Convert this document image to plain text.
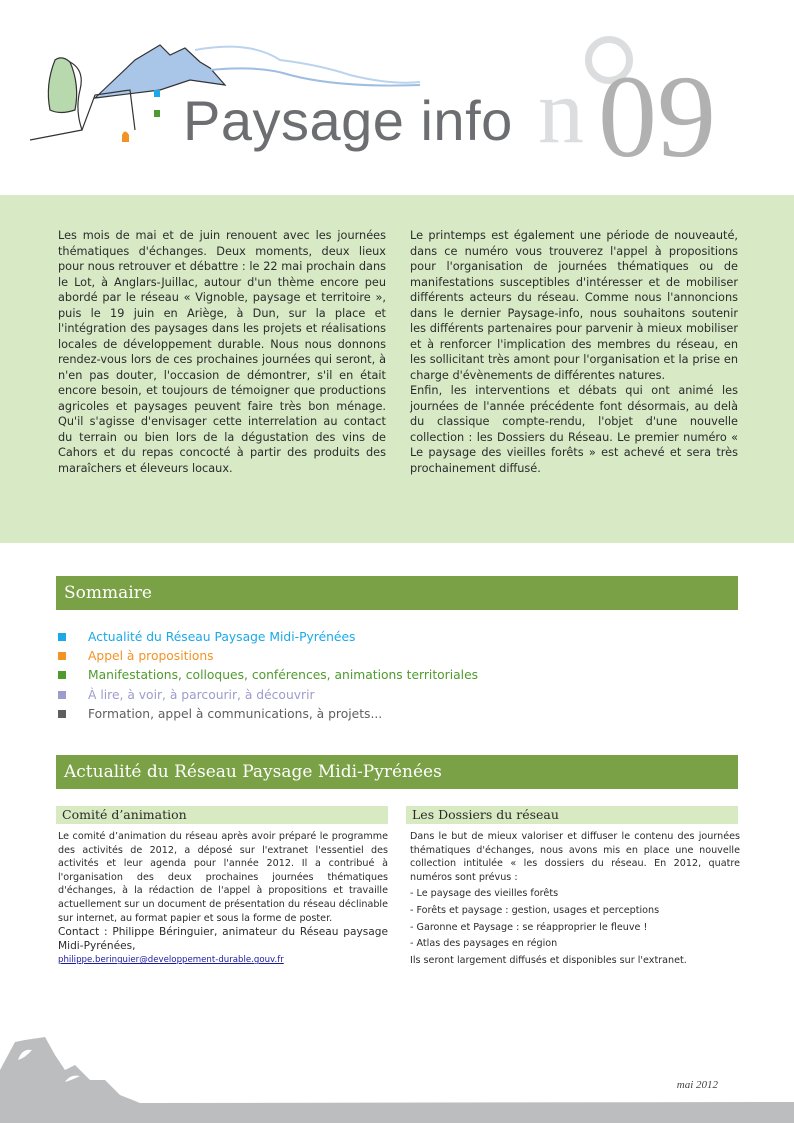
Paysage info n 09

Les mois de mai et de juin renouent avec les journées thématiques d'échanges. Deux moments, deux lieux pour nous retrouver et débattre : le 22 mai prochain dans le Lot, à Anglars-Juillac, autour d'un thème encore peu abordé par le réseau « Vignoble, paysage et territoire », puis le 19 juin en Ariège, à Dun, sur la place et l'intégration des paysages dans les projets et réalisations locales de développement durable. Nous nous donnons rendez-vous lors de ces prochaines journées qui seront, à n'en pas douter, l'occasion de démontrer, s'il en était encore besoin, et toujours de témoigner que productions agricoles et paysages peuvent faire très bon ménage. Qu'il s'agisse d'envisager cette interrelation au contact du terrain ou bien lors de la dégustation des vins de Cahors et du repas concocté à partir des produits des maraîchers et éleveurs locaux.

Le printemps est également une période de nouveauté, dans ce numéro vous trouverez l'appel à propositions pour l'organisation de journées thématiques ou de manifestations susceptibles d'intéresser et de mobiliser différents acteurs du réseau. Comme nous l'annoncions dans le dernier Paysage-info, nous souhaitons soutenir les différents partenaires pour parvenir à mieux mobiliser et à renforcer l'implication des membres du réseau, en les sollicitant très amont pour l'organisation et la prise en charge d'évènements de différentes natures.

Enfin, les interventions et débats qui ont animé les journées de l'année précédente font désormais, au delà du classique compte-rendu, l'objet d'une nouvelle collection : les Dossiers du Réseau. Le premier numéro « Le paysage des vieilles forêts » est achevé et sera très prochainement diffusé.

Sommaire
Actualité du Réseau Paysage Midi-Pyrénées
Appel à propositions
Manifestations, colloques, conférences, animations territoriales
À lire, à voir, à parcourir, à découvrir
Formation, appel à communications, à projets...
Actualité du Réseau Paysage Midi-Pyrénées
Comité d’animation

Le comité d’animation du réseau après avoir préparé le programme des activités de 2012, a déposé sur l'extranet l'essentiel des activités et leur agenda pour l'année 2012. Il a contribué à l'organisation des deux prochaines journées thématiques d'échanges, à la rédaction de l'appel à propositions et travaille actuellement sur un document de présentation du réseau déclinable sur internet, au format papier et sous la forme de poster.

Contact : Philippe Béringuier, animateur du Réseau paysage Midi-Pyrénées,

philippe.beringuier@developpement-durable.gouv.fr
Les Dossiers du réseau

Dans le but de mieux valoriser et diffuser le contenu des journées thématiques d'échanges, nous avons mis en place une nouvelle collection intitulée « les dossiers du réseau. En 2012, quatre numéros sont prévus :

- Le paysage des vieilles forêts

- Forêts et paysage : gestion, usages et perceptions

- Garonne et Paysage : se réapproprier le fleuve !

- Atlas des paysages en région

Ils seront largement diffusés et disponibles sur l'extranet.

mai 2012
